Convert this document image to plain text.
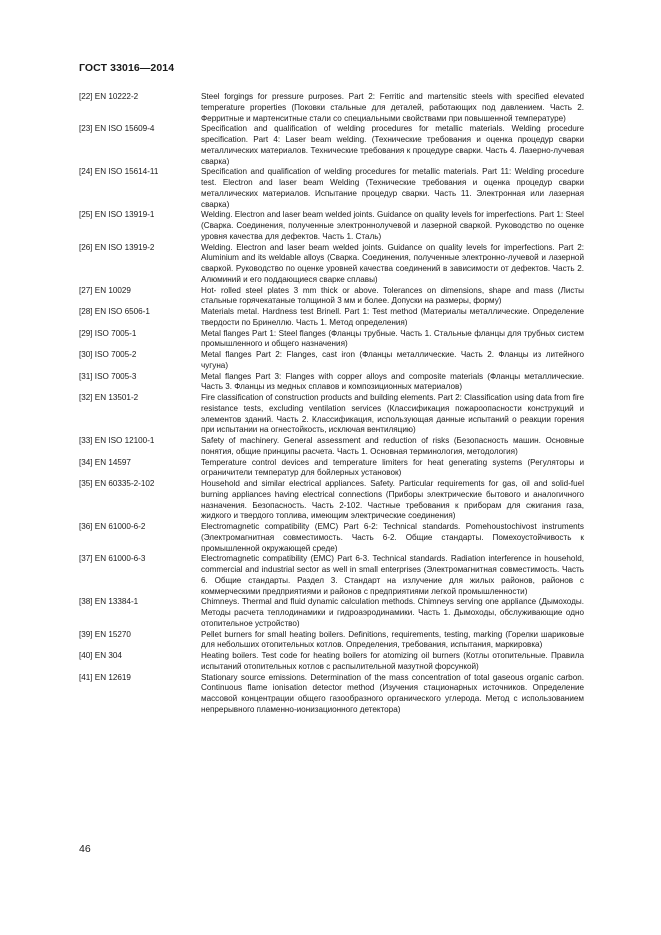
ГОСТ 33016—2014
[22] EN 10222-2	Steel forgings for pressure purposes. Part 2: Ferritic and martensitic steels with specified elevated temperature properties (Поковки стальные для деталей, работающих под давлением. Часть 2. Ферритные и мартенситные стали со специальными свойствами при повышенной температуре)
[23] EN ISO 15609-4	Specification and qualification of welding procedures for metallic materials. Welding procedure specification. Part 4: Laser beam welding. (Технические требования и оценка процедур сварки металлических материалов. Технические требования к процедуре сварки. Часть 4. Лазерно-лучевая сварка)
[24] EN ISO 15614-11	Specification and qualification of welding procedures for metallic materials. Part 11: Welding procedure test. Electron and laser beam Welding (Технические требования и оценка процедур сварки металлических материалов. Испытание процедур сварки. Часть 11. Электронная или лазерная сварка)
[25] EN ISO 13919-1	Welding. Electron and laser beam welded joints. Guidance on quality levels for imperfections. Part 1: Steel (Сварка. Соединения, полученные электроннолучевой и лазерной сваркой. Руководство по оценке уровня качества для дефектов. Часть 1. Сталь)
[26] EN ISO 13919-2	Welding. Electron and laser beam welded joints. Guidance on quality levels for imperfections. Part 2: Aluminium and its weldable alloys (Сварка. Соединения, полученные электронно-лучевой и лазерной сваркой. Руководство по оценке уровней качества соединений в зависимости от дефектов. Часть 2. Алюминий и его поддающиеся сварке сплавы)
[27] EN 10029	Hot- rolled steel plates 3 mm thick or above. Tolerances on dimensions, shape and mass (Листы стальные горячекатаные толщиной 3 мм и более. Допуски на размеры, форму)
[28] EN ISO 6506-1	Materials metal. Hardness test Brinell. Part 1: Test method (Материалы металлические. Определение твердости по Бринеллю. Часть 1. Метод определения)
[29] ISO 7005-1	Metal flanges Part 1: Steel flanges (Фланцы трубные. Часть 1. Стальные фланцы для трубных систем промышленного и общего назначения)
[30] ISO 7005-2	Metal flanges Part 2: Flanges, cast iron (Фланцы металлические. Часть 2. Фланцы из литейного чугуна)
[31] ISO 7005-3	Metal flanges Part 3: Flanges with copper alloys and composite materials (Фланцы металлические. Часть 3. Фланцы из медных сплавов и композиционных материалов)
[32] EN 13501-2	Fire classification of construction products and building elements. Part 2: Classification using data from fire resistance tests, excluding ventilation services (Классификация пожароопасности конструкций и элементов зданий. Часть 2. Классификация, использующая данные испытаний о реакции горения при испытании на огнестойкость, исключая вентиляцию)
[33] EN ISO 12100-1	Safety of machinery. General assessment and reduction of risks (Безопасность машин. Основные понятия, общие принципы расчета. Часть 1. Основная терминология, методология)
[34] EN 14597	Temperature control devices and temperature limiters for heat generating systems (Регуляторы и ограничители температур для бойлерных установок)
[35] EN 60335-2-102	Household and similar electrical appliances. Safety. Particular requirements for gas, oil and solid-fuel burning appliances having electrical connections (Приборы электрические бытового и аналогичного назначения. Безопасность. Часть 2-102. Частные требования к приборам для сжигания газа, жидкого и твердого топлива, имеющим электрические соединения)
[36] EN 61000-6-2	Electromagnetic compatibility (EMC) Part 6-2: Technical standards. Pomehoustochivost instruments (Электромагнитная совместимость. Часть 6-2. Общие стандарты. Помехоустойчивость к промышленной окружающей среде)
[37] EN 61000-6-3	Electromagnetic compatibility (EMC) Part 6-3. Technical standards. Radiation interference in household, commercial and industrial sector as well in small enterprises (Электромагнитная совместимость. Часть 6. Общие стандарты. Раздел 3. Стандарт на излучение для жилых районов, районов с коммерческими предприятиями и районов с предприятиями легкой промышленности)
[38] EN 13384-1	Chimneys. Thermal and fluid dynamic calculation methods. Chimneys serving one appliance (Дымоходы. Методы расчета теплодинамики и гидроаэродинамики. Часть 1. Дымоходы, обслуживающие одно отопительное устройство)
[39] EN 15270	Pellet burners for small heating boilers. Definitions, requirements, testing, marking (Горелки шариковые для небольших отопительных котлов. Определения, требования, испытания, маркировка)
[40] EN 304	Heating boilers. Test code for heating boilers for atomizing oil burners (Котлы отопительные. Правила испытаний отопительных котлов с распылительной мазутной форсункой)
[41] EN 12619	Stationary source emissions. Determination of the mass concentration of total gaseous organic carbon. Continuous flame ionisation detector method (Изучения стационарных источников. Определение массовой концентрации общего газообразного органического углерода. Метод с использованием непрерывного пламенно-ионизационного детектора)
46
